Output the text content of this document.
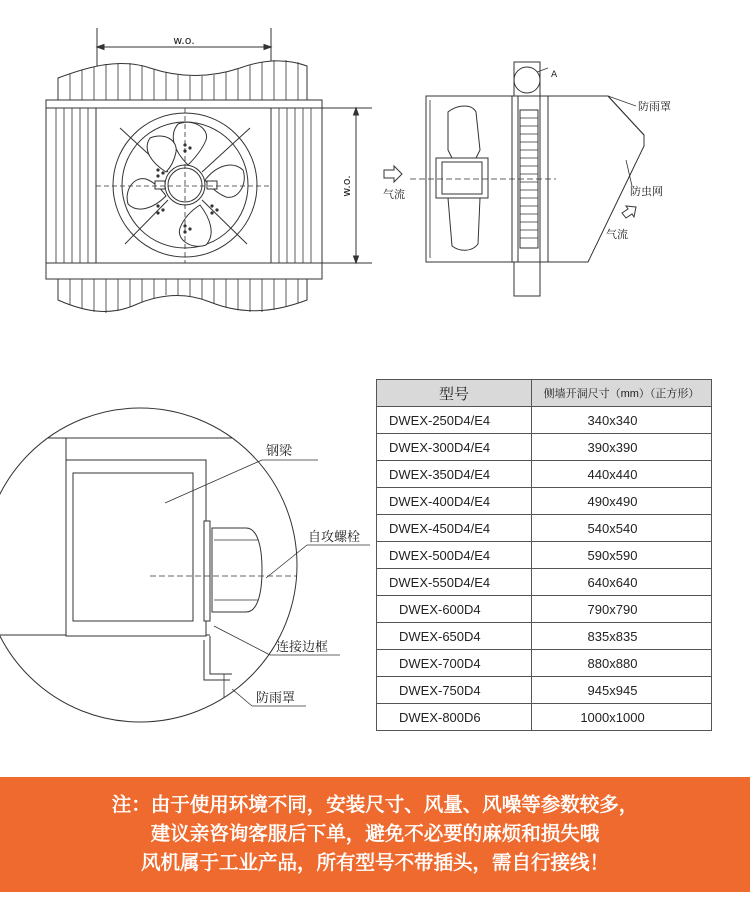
w.o.
w.o.
A
防雨罩
防虫网
气流
气流
钢梁
自攻螺栓
连接边框
防雨罩
型号	侧墙开洞尺寸（mm）（正方形）
DWEX-250D4/E4	340x340
DWEX-300D4/E4	390x390
DWEX-350D4/E4	440x440
DWEX-400D4/E4	490x490
DWEX-450D4/E4	540x540
DWEX-500D4/E4	590x590
DWEX-550D4/E4	640x640
DWEX-600D4	790x790
DWEX-650D4	835x835
DWEX-700D4	880x880
DWEX-750D4	945x945
DWEX-800D6	1000x1000
注：由于使用环境不同，安装尺寸、风量、风噪等参数较多，
建议亲咨询客服后下单，避免不必要的麻烦和损失哦
风机属于工业产品，所有型号不带插头，需自行接线！
